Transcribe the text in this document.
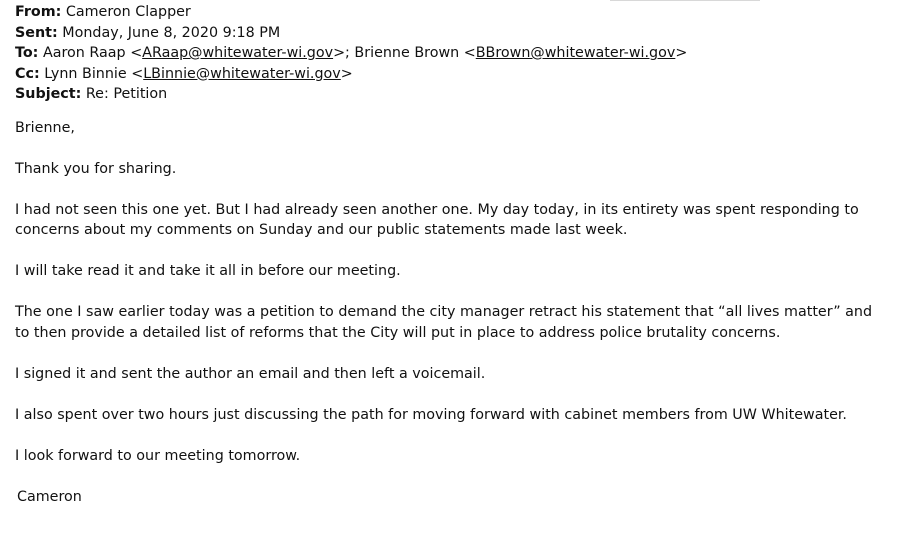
From: Cameron Clapper
Sent: Monday, June 8, 2020 9:18 PM
To: Aaron Raap <ARaap@whitewater-wi.gov>; Brienne Brown <BBrown@whitewater-wi.gov>
Cc: Lynn Binnie <LBinnie@whitewater-wi.gov>
Subject: Re: Petition

Brienne,

Thank you for sharing.

I had not seen this one yet. But I had already seen another one. My day today, in its entirety was spent responding to
concerns about my comments on Sunday and our public statements made last week.

I will take read it and take it all in before our meeting.

The one I saw earlier today was a petition to demand the city manager retract his statement that “all lives matter” and
to then provide a detailed list of reforms that the City will put in place to address police brutality concerns.

I signed it and sent the author an email and then left a voicemail.

I also spent over two hours just discussing the path for moving forward with cabinet members from UW Whitewater.

I look forward to our meeting tomorrow.

Cameron
